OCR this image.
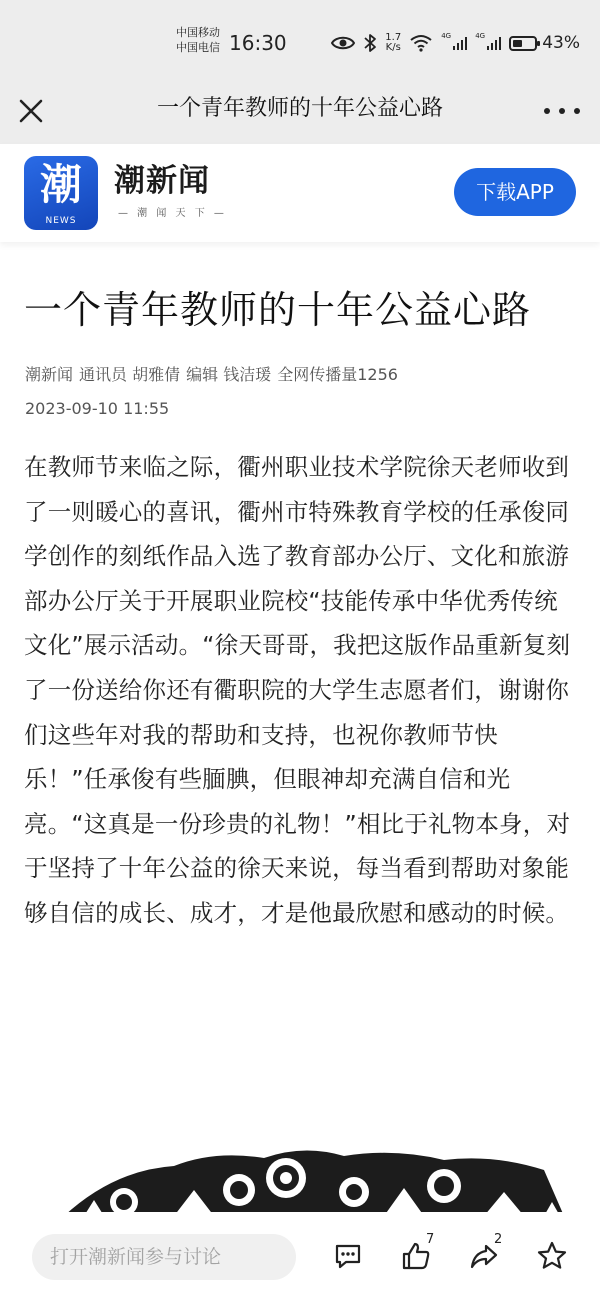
中国移动
中国电信 16:30	1.7
K/s
4G	4G	43%
一个青年教师的十年公益心路
潮
NEWS
潮新闻
— 潮 闻 天 下 —
下载APP
一个青年教师的十年公益心路
潮新闻 通讯员 胡雅倩 编辑 钱洁瑗 全网传播量1256
2023-09-10 11:55

在教师节来临之际，衢州职业技术学院徐天老师收到了一则暖心的喜讯，衢州市特殊教育学校的任承俊同学创作的刻纸作品入选了教育部办公厅、文化和旅游部办公厅关于开展职业院校“技能传承中华优秀传统文化”展示活动。“徐天哥哥，我把这版作品重新复刻了一份送给你还有衢职院的大学生志愿者们，谢谢你们这些年对我的帮助和支持，也祝你教师节快乐！”任承俊有些腼腆，但眼神却充满自信和光亮。“这真是一份珍贵的礼物！”相比于礼物本身，对于坚持了十年公益的徐天来说，每当看到帮助对象能够自信的成长、成才，才是他最欣慰和感动的时候。

打开潮新闻参与讨论
7	2
